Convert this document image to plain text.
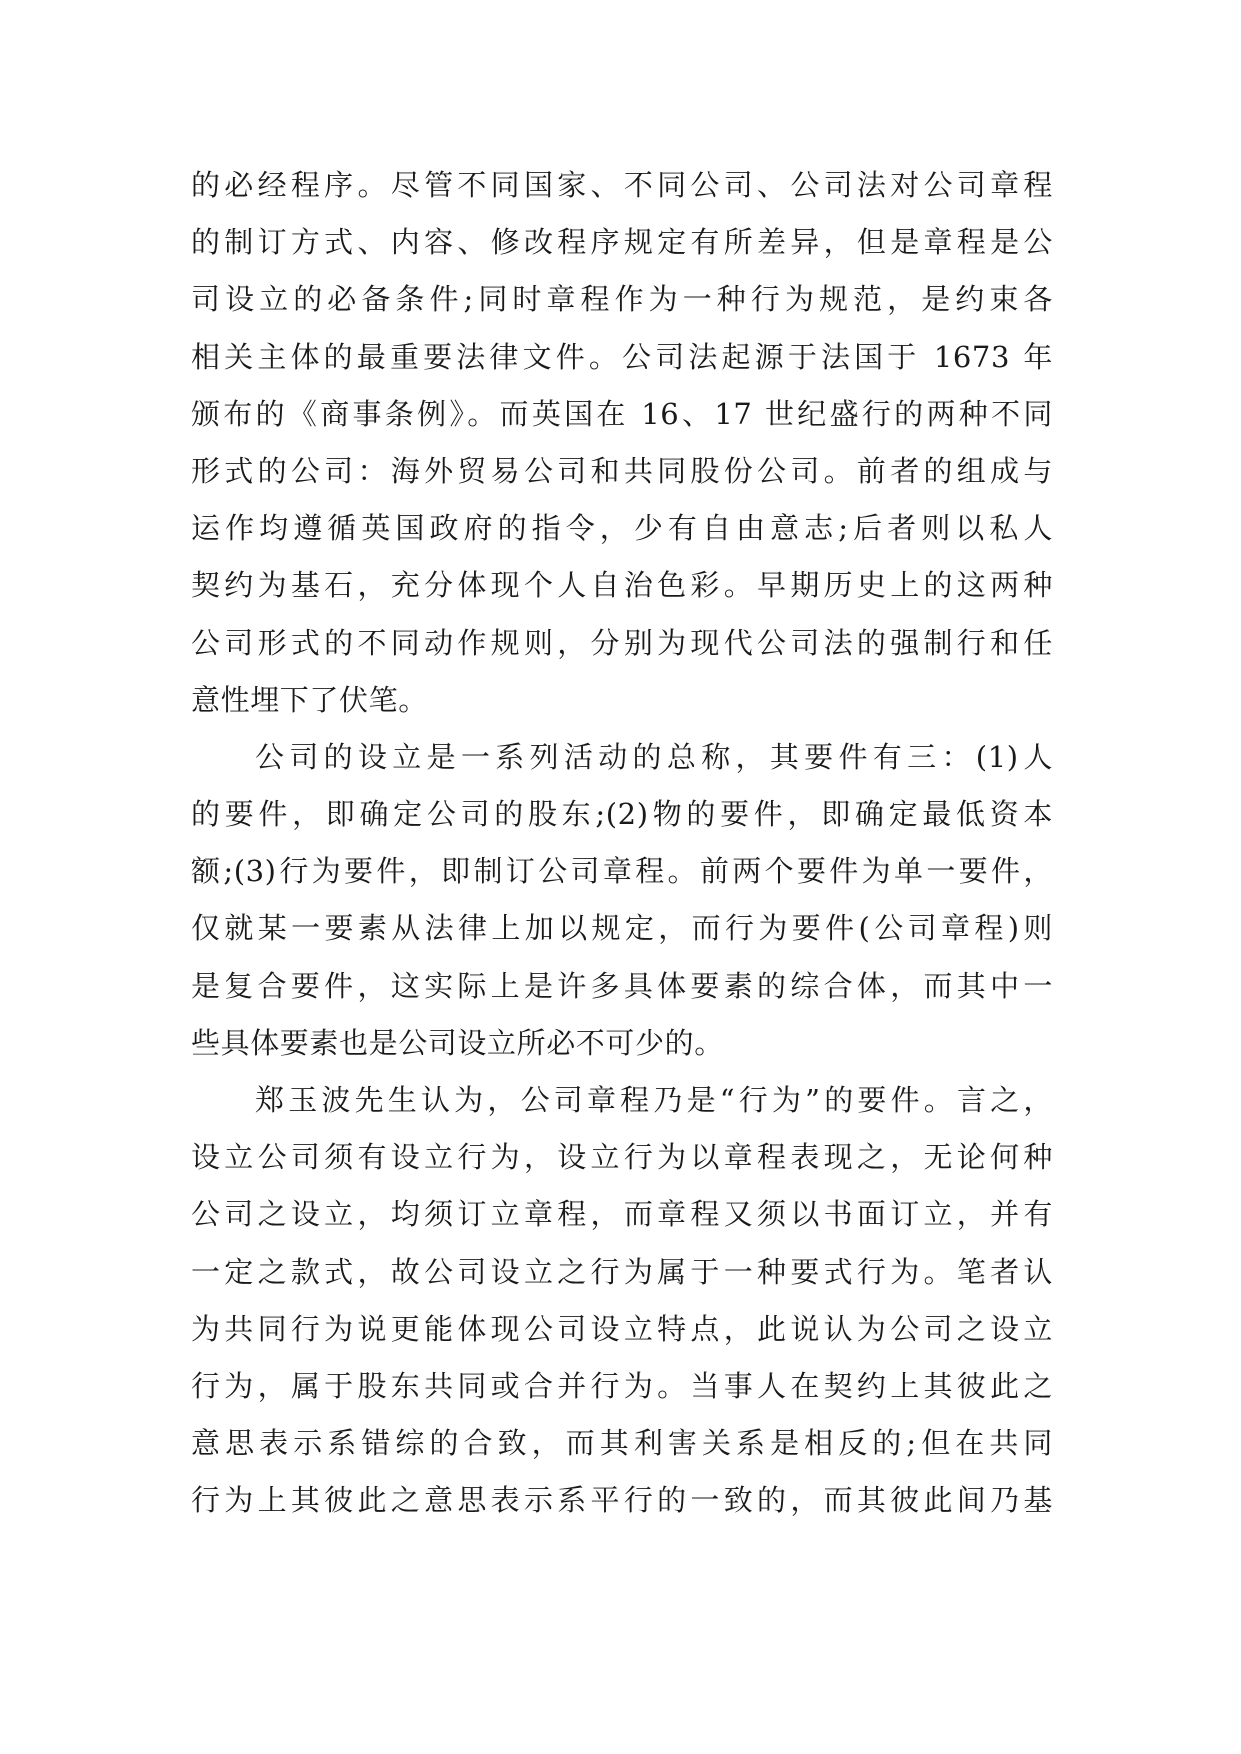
的必经程序。尽管不同国家、不同公司、公司法对公司章程
的制订方式、内容、修改程序规定有所差异，但是章程是公
司设立的必备条件;同时章程作为一种行为规范，是约束各
相关主体的最重要法律文件。公司法起源于法国于 1673 年
颁布的《商事条例》。而英国在 16、17 世纪盛行的两种不同
形式的公司：海外贸易公司和共同股份公司。前者的组成与
运作均遵循英国政府的指令，少有自由意志;后者则以私人
契约为基石，充分体现个人自治色彩。早期历史上的这两种
公司形式的不同动作规则，分别为现代公司法的强制行和任
意性埋下了伏笔。
公司的设立是一系列活动的总称，其要件有三：(1)人
的要件，即确定公司的股东;(2)物的要件，即确定最低资本
额;(3)行为要件，即制订公司章程。前两个要件为单一要件，
仅就某一要素从法律上加以规定，而行为要件(公司章程)则
是复合要件，这实际上是许多具体要素的综合体，而其中一
些具体要素也是公司设立所必不可少的。
郑玉波先生认为，公司章程乃是“行为”的要件。言之，
设立公司须有设立行为，设立行为以章程表现之，无论何种
公司之设立，均须订立章程，而章程又须以书面订立，并有
一定之款式，故公司设立之行为属于一种要式行为。笔者认
为共同行为说更能体现公司设立特点，此说认为公司之设立
行为，属于股东共同或合并行为。当事人在契约上其彼此之
意思表示系错综的合致，而其利害关系是相反的;但在共同
行为上其彼此之意思表示系平行的一致的，而其彼此间乃基
